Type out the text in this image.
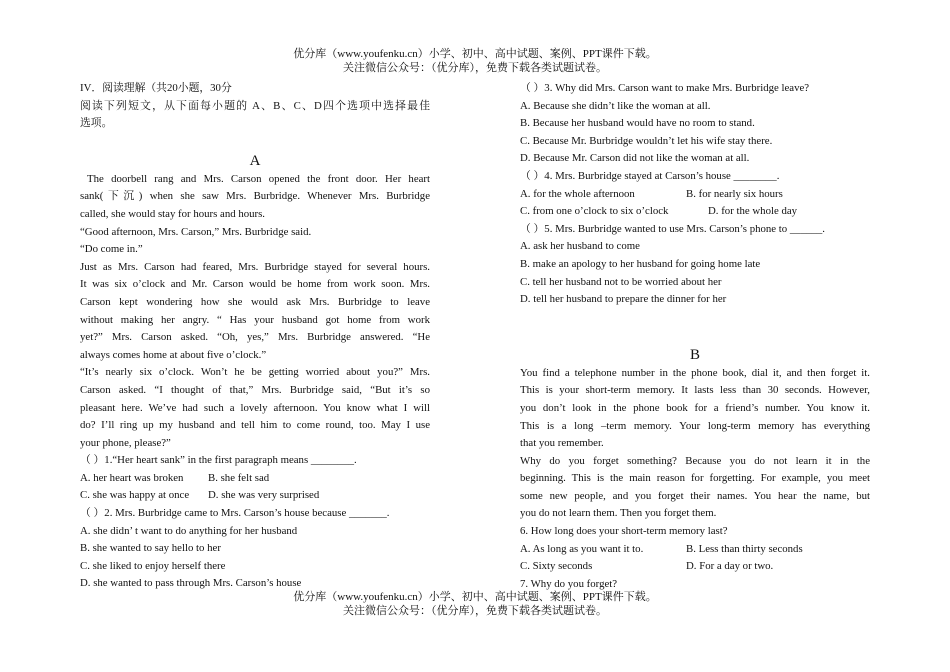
优分库（www.youfenku.cn）小学、初中、高中试题、案例、PPT课件下载。
关注微信公众号：（优分库），免费下载各类试题试卷。
IV．阅读理解（共20小题，30分
阅读下列短文，从下面每小题的 A、B、C、D四个选项中选择最佳
选项。
A
The doorbell rang and Mrs. Carson opened the front door. Her heart
sank(下沉) when she saw Mrs. Burbridge. Whenever Mrs. Burbridge
called, she would stay for hours and hours.
“Good afternoon, Mrs. Carson,” Mrs. Burbridge said.
“Do come in.”
Just as Mrs. Carson had feared, Mrs. Burbridge stayed for several hours.
It was six o’clock and Mr. Carson would be home from work soon. Mrs.
Carson kept wondering how she would ask Mrs. Burbridge to leave
without making her angry. “ Has your husband got home from work
yet?” Mrs. Carson asked. “Oh, yes,” Mrs. Burbridge answered. “He
always comes home at about five o’clock.”
“It’s nearly six o’clock. Won’t he be getting worried about you?” Mrs.
Carson asked. “I thought of that,” Mrs. Burbridge said, “But it’s so
pleasant here. We’ve had such a lovely afternoon. You know what I will
do? I’ll ring up my husband and tell him to come round, too. May I use
your phone, please?”
（ ）1.“Her heart sank” in the first paragraph means ________.
A. her heart was broken	B. she felt sad
C. she was happy at once	D. she was very surprised
（ ）2. Mrs. Burbridge came to Mrs. Carson’s house because _______.
A. she didn’ t want to do anything for her husband
B. she wanted to say hello to her
C. she liked to enjoy herself there
D. she wanted to pass through Mrs. Carson’s house
（ ）3. Why did Mrs. Carson want to make Mrs. Burbridge leave?
A. Because she didn’t like the woman at all.
B. Because her husband would have no room to stand.
C. Because Mr. Burbridge wouldn’t let his wife stay there.
D. Because Mr. Carson did not like the woman at all.
（ ）4. Mrs. Burbridge stayed at Carson’s house ________.
A. for the whole afternoon	B. for nearly six hours
C. from one o’clock to six o’clock	D. for the whole day
（ ）5. Mrs. Burbridge wanted to use Mrs. Carson’s phone to ______.
A. ask her husband to come
B. make an apology to her husband for going home late
C. tell her husband not to be worried about her
D. tell her husband to prepare the dinner for her
B
You find a telephone number in the phone book, dial it, and then forget it.
This is your short-term memory. It lasts less than 30 seconds. However,
you don’t look in the phone book for a friend’s number. You know it.
This is a long –term memory. Your long-term memory has everything
that you remember.
Why do you forget something? Because you do not learn it in the
beginning. This is the main reason for forgetting. For example, you meet
some new people, and you forget their names. You hear the name, but
you do not learn them. Then you forget them.
6. How long does your short-term memory last?
A. As long as you want it to.	B. Less than thirty seconds
C. Sixty seconds	D. For a day or two.
7. Why do you forget?
优分库（www.youfenku.cn）小学、初中、高中试题、案例、PPT课件下载。
关注微信公众号：（优分库），免费下载各类试题试卷。
